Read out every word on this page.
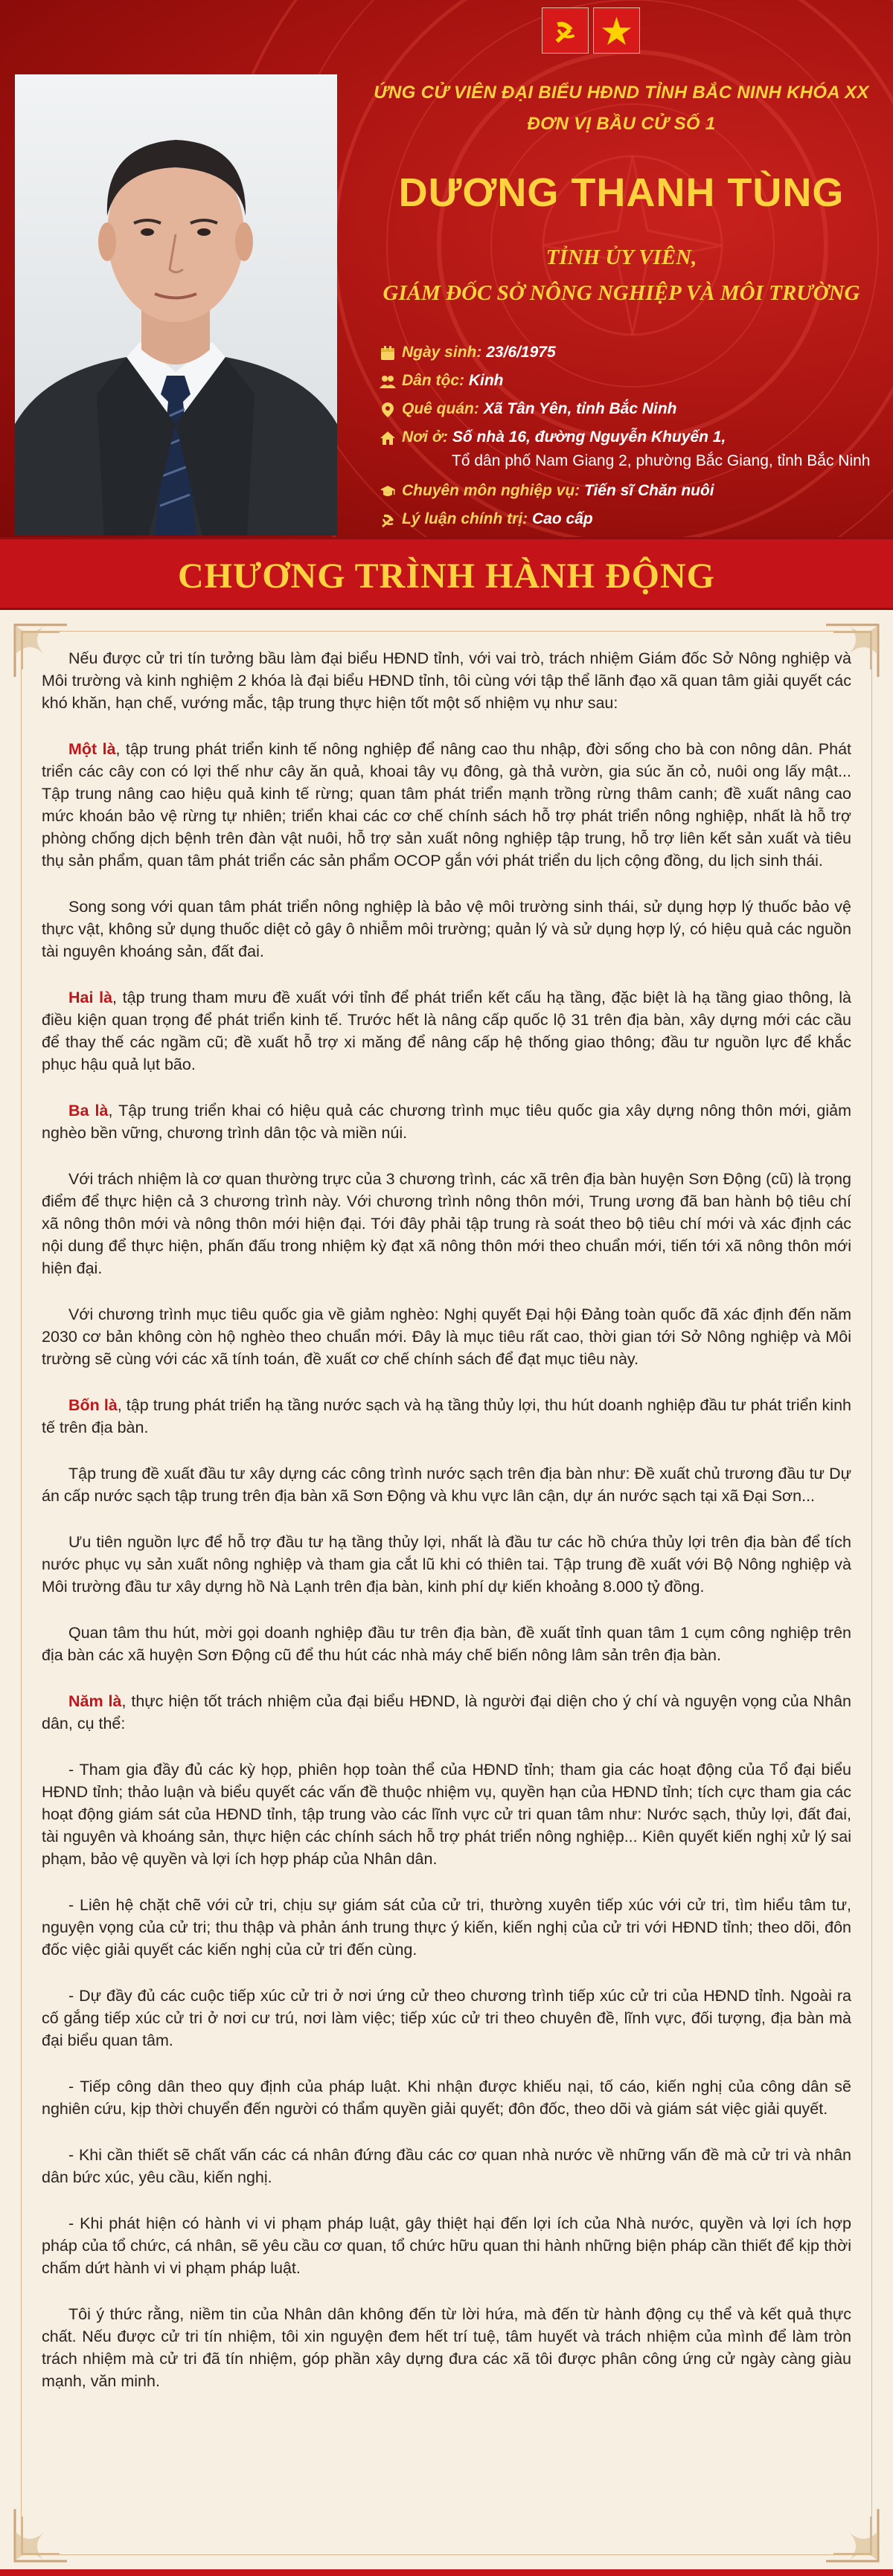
ỨNG CỬ VIÊN ĐẠI BIỂU HĐND TỈNH BẮC NINH KHÓA XX
ĐƠN VỊ BẦU CỬ SỐ 1
DƯƠNG THANH TÙNG
TỈNH ỦY VIÊN,
GIÁM ĐỐC SỞ NÔNG NGHIỆP VÀ MÔI TRƯỜNG
Ngày sinh: 23/6/1975
Dân tộc: Kinh
Quê quán: Xã Tân Yên, tỉnh Bắc Ninh
Nơi ở: Số nhà 16, đường Nguyễn Khuyến 1,
Tổ dân phố Nam Giang 2, phường Bắc Giang, tỉnh Bắc Ninh
Chuyên môn nghiệp vụ: Tiến sĩ Chăn nuôi
Lý luận chính trị: Cao cấp
CHƯƠNG TRÌNH HÀNH ĐỘNG

Nếu được cử tri tín tưởng bầu làm đại biểu HĐND tỉnh, với vai trò, trách nhiệm Giám đốc Sở Nông nghiệp và Môi trường và kinh nghiệm 2 khóa là đại biểu HĐND tỉnh, tôi cùng với tập thể lãnh đạo xã quan tâm giải quyết các khó khăn, hạn chế, vướng mắc, tập trung thực hiện tốt một số nhiệm vụ như sau:

Một là, tập trung phát triển kinh tế nông nghiệp để nâng cao thu nhập, đời sống cho bà con nông dân. Phát triển các cây con có lợi thế như cây ăn quả, khoai tây vụ đông, gà thả vườn, gia súc ăn cỏ, nuôi ong lấy mật... Tập trung nâng cao hiệu quả kinh tế rừng; quan tâm phát triển mạnh trồng rừng thâm canh; đề xuất nâng cao mức khoán bảo vệ rừng tự nhiên; triển khai các cơ chế chính sách hỗ trợ phát triển nông nghiệp, nhất là hỗ trợ phòng chống dịch bệnh trên đàn vật nuôi, hỗ trợ sản xuất nông nghiệp tập trung, hỗ trợ liên kết sản xuất và tiêu thụ sản phẩm, quan tâm phát triển các sản phẩm OCOP gắn với phát triển du lịch cộng đồng, du lịch sinh thái.

Song song với quan tâm phát triển nông nghiệp là bảo vệ môi trường sinh thái, sử dụng hợp lý thuốc bảo vệ thực vật, không sử dụng thuốc diệt cỏ gây ô nhiễm môi trường; quản lý và sử dụng hợp lý, có hiệu quả các nguồn tài nguyên khoáng sản, đất đai.

Hai là, tập trung tham mưu đề xuất với tỉnh để phát triển kết cấu hạ tầng, đặc biệt là hạ tầng giao thông, là điều kiện quan trọng để phát triển kinh tế. Trước hết là nâng cấp quốc lộ 31 trên địa bàn, xây dựng mới các cầu để thay thế các ngầm cũ; đề xuất hỗ trợ xi măng để nâng cấp hệ thống giao thông; đầu tư nguồn lực để khắc phục hậu quả lụt bão.

Ba là, Tập trung triển khai có hiệu quả các chương trình mục tiêu quốc gia xây dựng nông thôn mới, giảm nghèo bền vững, chương trình dân tộc và miền núi.

Với trách nhiệm là cơ quan thường trực của 3 chương trình, các xã trên địa bàn huyện Sơn Động (cũ) là trọng điểm để thực hiện cả 3 chương trình này. Với chương trình nông thôn mới, Trung ương đã ban hành bộ tiêu chí xã nông thôn mới và nông thôn mới hiện đại. Tới đây phải tập trung rà soát theo bộ tiêu chí mới và xác định các nội dung để thực hiện, phấn đấu trong nhiệm kỳ đạt xã nông thôn mới theo chuẩn mới, tiến tới xã nông thôn mới hiện đại.

Với chương trình mục tiêu quốc gia về giảm nghèo: Nghị quyết Đại hội Đảng toàn quốc đã xác định đến năm 2030 cơ bản không còn hộ nghèo theo chuẩn mới. Đây là mục tiêu rất cao, thời gian tới Sở Nông nghiệp và Môi trường sẽ cùng với các xã tính toán, đề xuất cơ chế chính sách để đạt mục tiêu này.

Bốn là, tập trung phát triển hạ tầng nước sạch và hạ tầng thủy lợi, thu hút doanh nghiệp đầu tư phát triển kinh tế trên địa bàn.

Tập trung đề xuất đầu tư xây dựng các công trình nước sạch trên địa bàn như: Đề xuất chủ trương đầu tư Dự án cấp nước sạch tập trung trên địa bàn xã Sơn Động và khu vực lân cận, dự án nước sạch tại xã Đại Sơn...

Ưu tiên nguồn lực để hỗ trợ đầu tư hạ tầng thủy lợi, nhất là đầu tư các hồ chứa thủy lợi trên địa bàn để tích nước phục vụ sản xuất nông nghiệp và tham gia cắt lũ khi có thiên tai. Tập trung đề xuất với Bộ Nông nghiệp và Môi trường đầu tư xây dựng hồ Nà Lạnh trên địa bàn, kinh phí dự kiến khoảng 8.000 tỷ đồng.

Quan tâm thu hút, mời gọi doanh nghiệp đầu tư trên địa bàn, đề xuất tỉnh quan tâm 1 cụm công nghiệp trên địa bàn các xã huyện Sơn Động cũ để thu hút các nhà máy chế biến nông lâm sản trên địa bàn.

Năm là, thực hiện tốt trách nhiệm của đại biểu HĐND, là người đại diện cho ý chí và nguyện vọng của Nhân dân, cụ thể:

- Tham gia đầy đủ các kỳ họp, phiên họp toàn thể của HĐND tỉnh; tham gia các hoạt động của Tổ đại biểu HĐND tỉnh; thảo luận và biểu quyết các vấn đề thuộc nhiệm vụ, quyền hạn của HĐND tỉnh; tích cực tham gia các hoạt động giám sát của HĐND tỉnh, tập trung vào các lĩnh vực cử tri quan tâm như: Nước sạch, thủy lợi, đất đai, tài nguyên và khoáng sản, thực hiện các chính sách hỗ trợ phát triển nông nghiệp... Kiên quyết kiến nghị xử lý sai phạm, bảo vệ quyền và lợi ích hợp pháp của Nhân dân.

- Liên hệ chặt chẽ với cử tri, chịu sự giám sát của cử tri, thường xuyên tiếp xúc với cử tri, tìm hiểu tâm tư, nguyện vọng của cử tri; thu thập và phản ánh trung thực ý kiến, kiến nghị của cử tri với HĐND tỉnh; theo dõi, đôn đốc việc giải quyết các kiến nghị của cử tri đến cùng.

- Dự đầy đủ các cuộc tiếp xúc cử tri ở nơi ứng cử theo chương trình tiếp xúc cử tri của HĐND tỉnh. Ngoài ra cố gắng tiếp xúc cử tri ở nơi cư trú, nơi làm việc; tiếp xúc cử tri theo chuyên đề, lĩnh vực, đối tượng, địa bàn mà đại biểu quan tâm.

- Tiếp công dân theo quy định của pháp luật. Khi nhận được khiếu nại, tố cáo, kiến nghị của công dân sẽ nghiên cứu, kịp thời chuyển đến người có thẩm quyền giải quyết; đôn đốc, theo dõi và giám sát việc giải quyết.

- Khi cần thiết sẽ chất vấn các cá nhân đứng đầu các cơ quan nhà nước về những vấn đề mà cử tri và nhân dân bức xúc, yêu cầu, kiến nghị.

- Khi phát hiện có hành vi vi phạm pháp luật, gây thiệt hại đến lợi ích của Nhà nước, quyền và lợi ích hợp pháp của tổ chức, cá nhân, sẽ yêu cầu cơ quan, tổ chức hữu quan thi hành những biện pháp cần thiết để kịp thời chấm dứt hành vi vi phạm pháp luật.

Tôi ý thức rằng, niềm tin của Nhân dân không đến từ lời hứa, mà đến từ hành động cụ thể và kết quả thực chất. Nếu được cử tri tín nhiệm, tôi xin nguyện đem hết trí tuệ, tâm huyết và trách nhiệm của mình để làm tròn trách nhiệm mà cử tri đã tín nhiệm, góp phần xây dựng đưa các xã tôi được phân công ứng cử ngày càng giàu mạnh, văn minh.
